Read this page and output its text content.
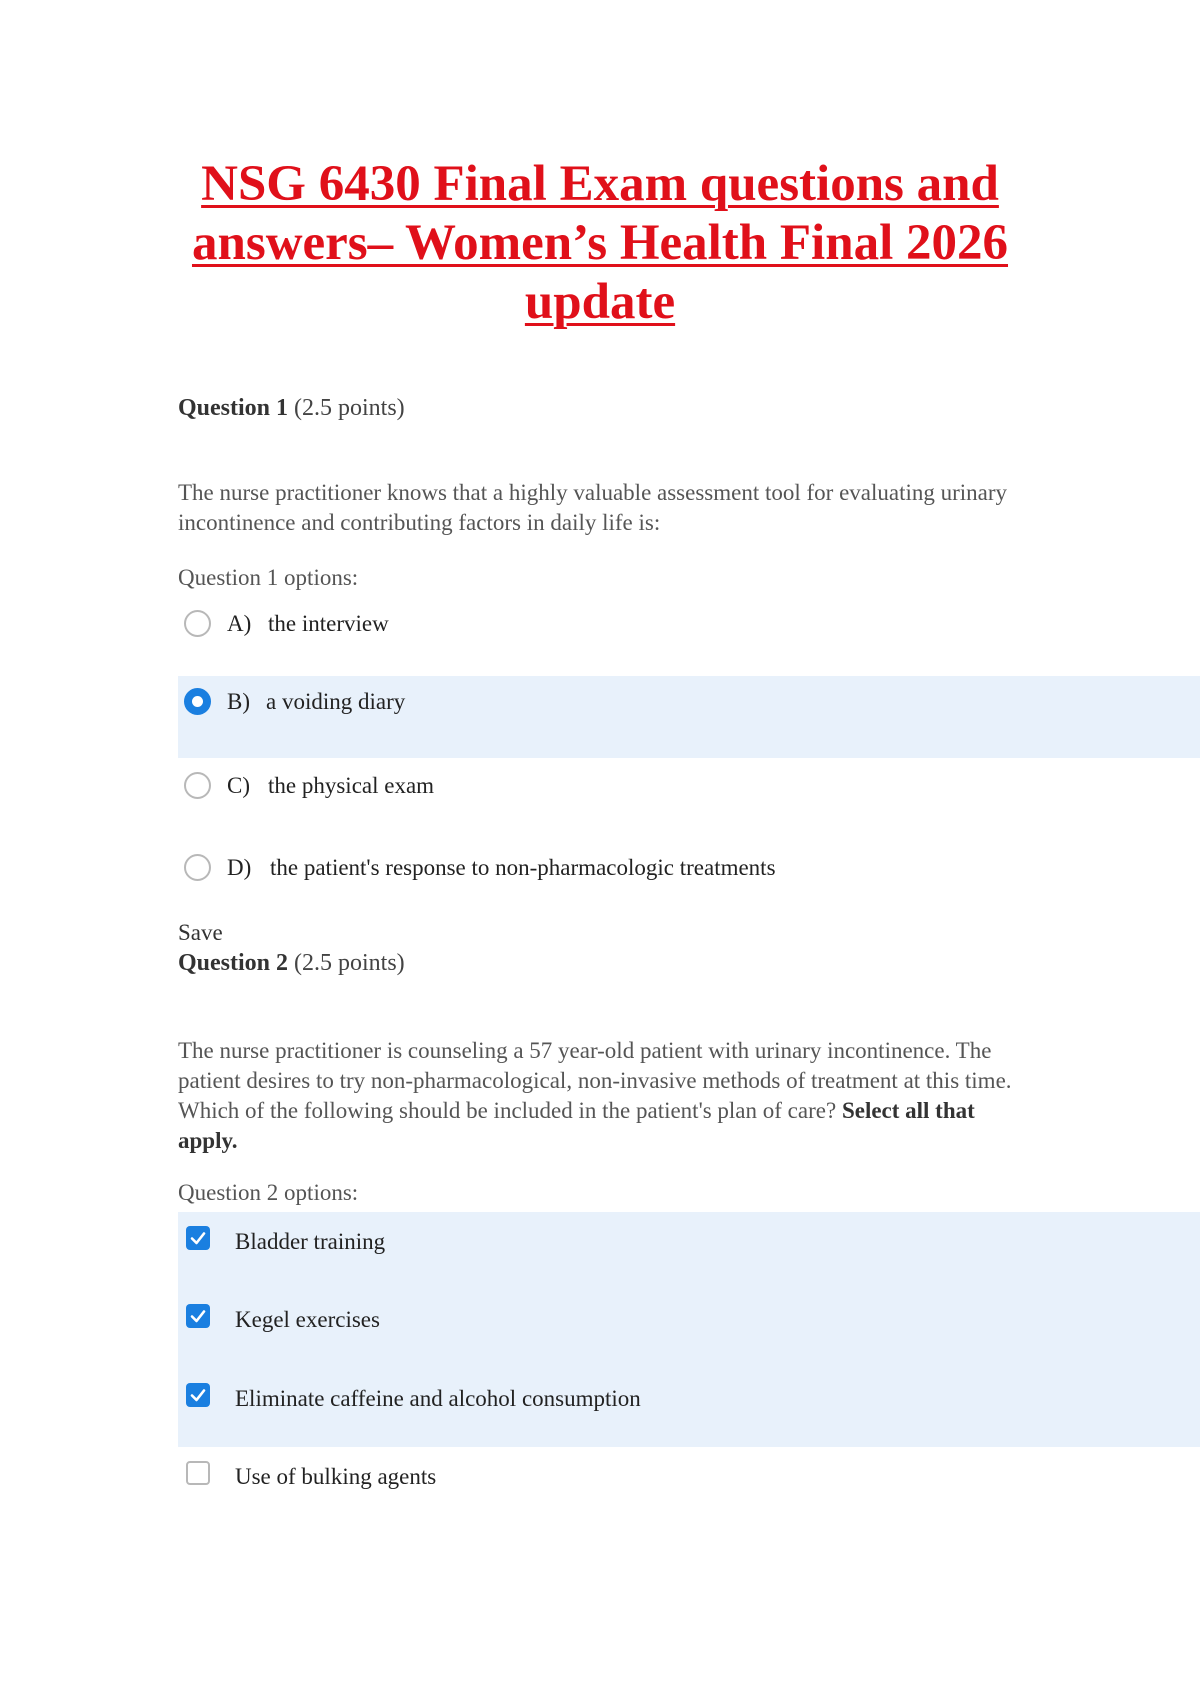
NSG 6430 Final Exam questions and
answers– Women’s Health Final 2026
update
Question 1 (2.5 points)
The nurse practitioner knows that a highly valuable assessment tool for evaluating urinary incontinence and contributing factors in daily life is:
Question 1 options:
A) the interview
B) a voiding diary
C) the physical exam
D) the patient's response to non-pharmacologic treatments
Save
Question 2 (2.5 points)
The nurse practitioner is counseling a 57 year-old patient with urinary incontinence. The patient desires to try non-pharmacological, non-invasive methods of treatment at this time. Which of the following should be included in the patient's plan of care? Select all that apply.
Question 2 options:
Bladder training
Kegel exercises
Eliminate caffeine and alcohol consumption
Use of bulking agents
